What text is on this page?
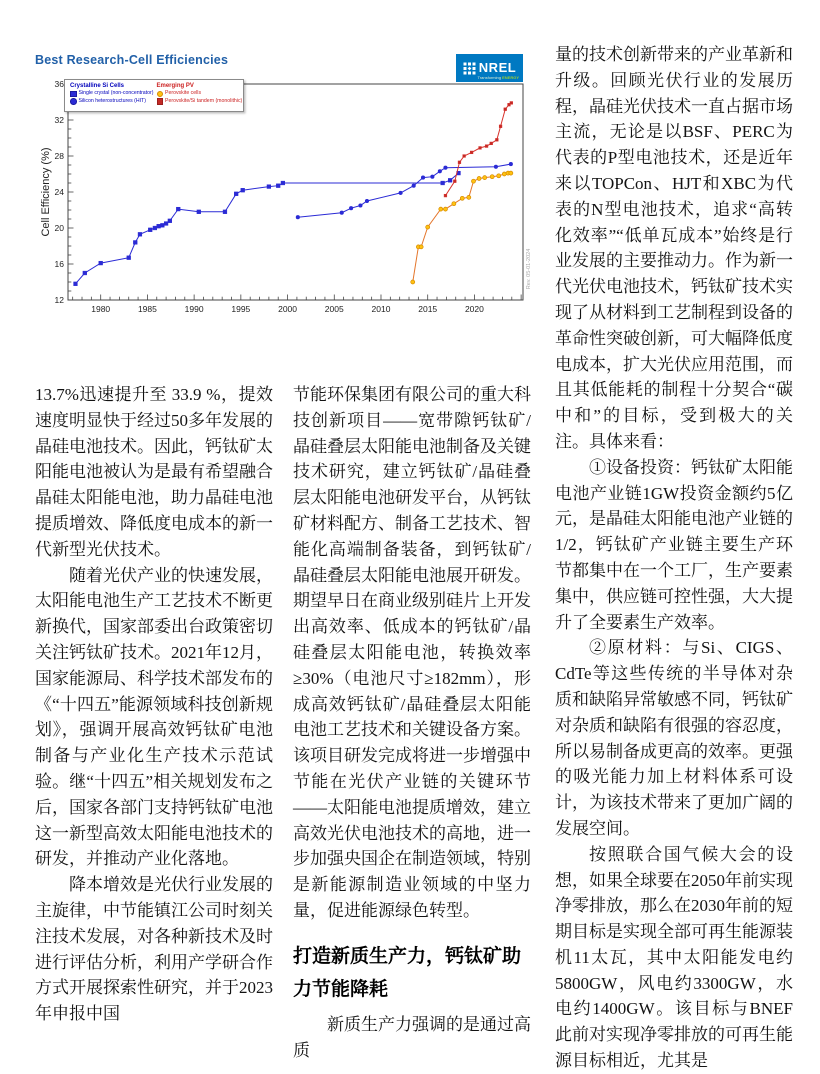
Best Research-Cell Efficiencies	NREL
Transforming ENERGY
1980	1985	1990	1995	2000	2005	2010	2015	2020
12
16
20
24
28
32
36
Cell Efficiency (%)
Rev. 05-01-2024
Crystalline Si Cells
Single crystal (non-concentrator)
Silicon heterostructures (HIT)
Emerging PV
Perovskite cells
Perovskite/Si tandem (monolithic)

13.7%迅速提升至 33.9 %，提效速度明显快于经过50多年发展的晶硅电池技术。因此，钙钛矿太阳能电池被认为是最有希望融合晶硅太阳能电池，助力晶硅电池提质增效、降低度电成本的新一代新型光伏技术。

随着光伏产业的快速发展，太阳能电池生产工艺技术不断更新换代，国家部委出台政策密切关注钙钛矿技术。2021年12月，国家能源局、科学技术部发布的《“十四五”能源领域科技创新规划》，强调开展高效钙钛矿电池制备与产业化生产技术示范试验。继“十四五”相关规划发布之后，国家各部门支持钙钛矿电池这一新型高效太阳能电池技术的研发，并推动产业化落地。

降本增效是光伏行业发展的主旋律，中节能镇江公司时刻关注技术发展，对各种新技术及时进行评估分析，利用产学研合作方式开展探索性研究，并于2023年申报中国

节能环保集团有限公司的重大科技创新项目——宽带隙钙钛矿/晶硅叠层太阳能电池制备及关键技术研究，建立钙钛矿/晶硅叠层太阳能电池研发平台，从钙钛矿材料配方、制备工艺技术、智能化高端制备装备，到钙钛矿/晶硅叠层太阳能电池展开研发。期望早日在商业级别硅片上开发出高效率、低成本的钙钛矿/晶硅叠层太阳能电池，转换效率≥30%（电池尺寸≥182mm），形成高效钙钛矿/晶硅叠层太阳能电池工艺技术和关键设备方案。该项目研发完成将进一步增强中节能在光伏产业链的关键环节——太阳能电池提质增效，建立高效光伏电池技术的高地，进一步加强央国企在制造领域，特别是新能源制造业领域的中坚力量，促进能源绿色转型。

打造新质生产力，钙钛矿助力节能降耗

新质生产力强调的是通过高质

量的技术创新带来的产业革新和升级。回顾光伏行业的发展历程，晶硅光伏技术一直占据市场主流，无论是以BSF、PERC为代表的P型电池技术，还是近年来以TOPCon、HJT和XBC为代表的N型电池技术，追求“高转化效率”“低单瓦成本”始终是行业发展的主要推动力。作为新一代光伏电池技术，钙钛矿技术实现了从材料到工艺制程到设备的革命性突破创新，可大幅降低度电成本，扩大光伏应用范围，而且其低能耗的制程十分契合“碳中和”的目标，受到极大的关注。具体来看：

①设备投资：钙钛矿太阳能电池产业链1GW投资金额约5亿元，是晶硅太阳能电池产业链的1/2，钙钛矿产业链主要生产环节都集中在一个工厂，生产要素集中，供应链可控性强，大大提升了全要素生产效率。

②原材料：与Si、CIGS、CdTe等这些传统的半导体对杂质和缺陷异常敏感不同，钙钛矿对杂质和缺陷有很强的容忍度，所以易制备成更高的效率。更强的吸光能力加上材料体系可设计，为该技术带来了更加广阔的发展空间。

按照联合国气候大会的设想，如果全球要在2050年前实现净零排放，那么在2030年前的短期目标是实现全部可再生能源装机11太瓦，其中太阳能发电约5800GW，风电约3300GW，水电约1400GW。该目标与BNEF此前对实现净零排放的可再生能源目标相近，尤其是
